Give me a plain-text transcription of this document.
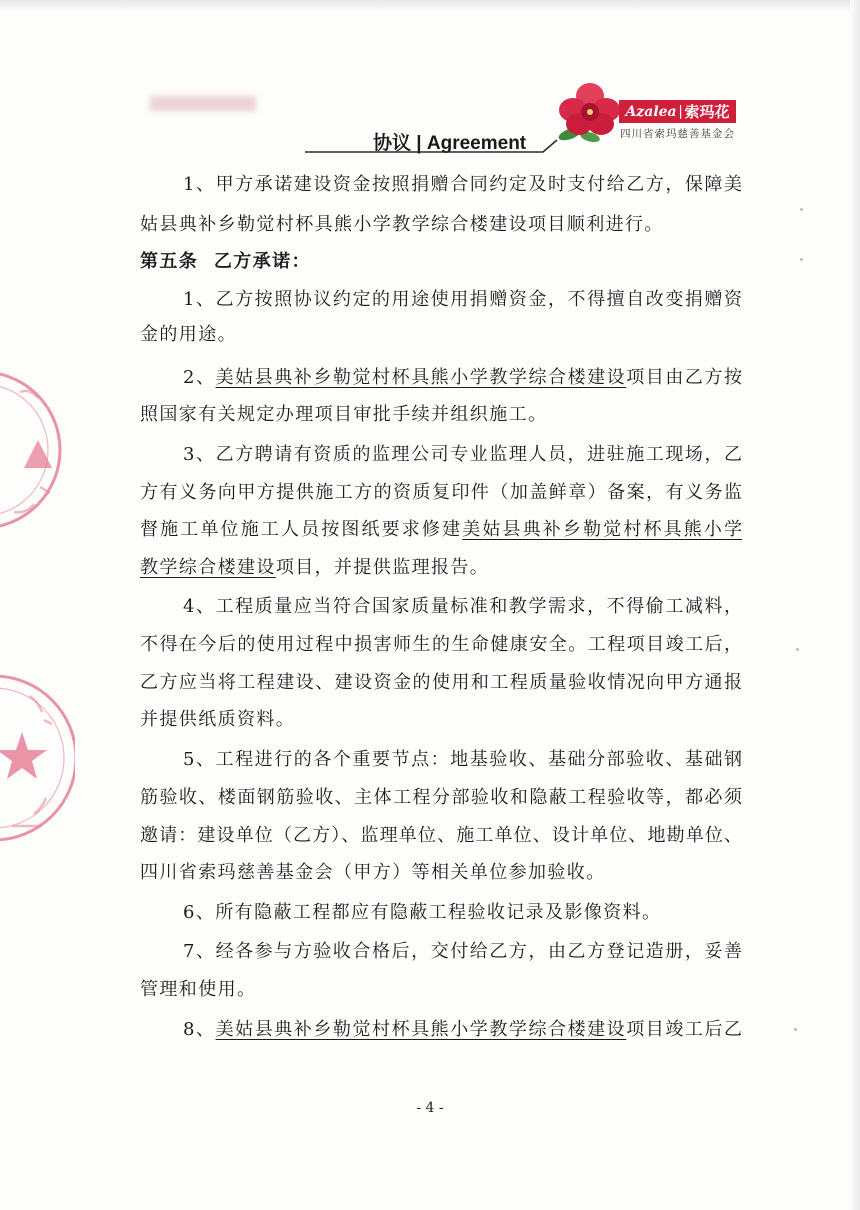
协议 | Agreement
Azalea | 索玛花
四川省索玛慈善基金会
1、甲方承诺建设资金按照捐赠合同约定及时支付给乙方，保障美
姑县典补乡勒觉村杯具熊小学教学综合楼建设项目顺利进行。
第五条 乙方承诺：
1、乙方按照协议约定的用途使用捐赠资金，不得擅自改变捐赠资
金的用途。
2、美姑县典补乡勒觉村杯具熊小学教学综合楼建设项目由乙方按
照国家有关规定办理项目审批手续并组织施工。
3、乙方聘请有资质的监理公司专业监理人员，进驻施工现场，乙
方有义务向甲方提供施工方的资质复印件（加盖鲜章）备案，有义务监
督施工单位施工人员按图纸要求修建美姑县典补乡勒觉村杯具熊小学
教学综合楼建设项目，并提供监理报告。
4、工程质量应当符合国家质量标准和教学需求，不得偷工减料，
不得在今后的使用过程中损害师生的生命健康安全。工程项目竣工后，
乙方应当将工程建设、建设资金的使用和工程质量验收情况向甲方通报
并提供纸质资料。
5、工程进行的各个重要节点：地基验收、基础分部验收、基础钢
筋验收、楼面钢筋验收、主体工程分部验收和隐蔽工程验收等，都必须
邀请：建设单位（乙方）、监理单位、施工单位、设计单位、地勘单位、
四川省索玛慈善基金会（甲方）等相关单位参加验收。
6、所有隐蔽工程都应有隐蔽工程验收记录及影像资料。
7、经各参与方验收合格后，交付给乙方，由乙方登记造册，妥善
管理和使用。
8、美姑县典补乡勒觉村杯具熊小学教学综合楼建设项目竣工后乙
- 4 -
